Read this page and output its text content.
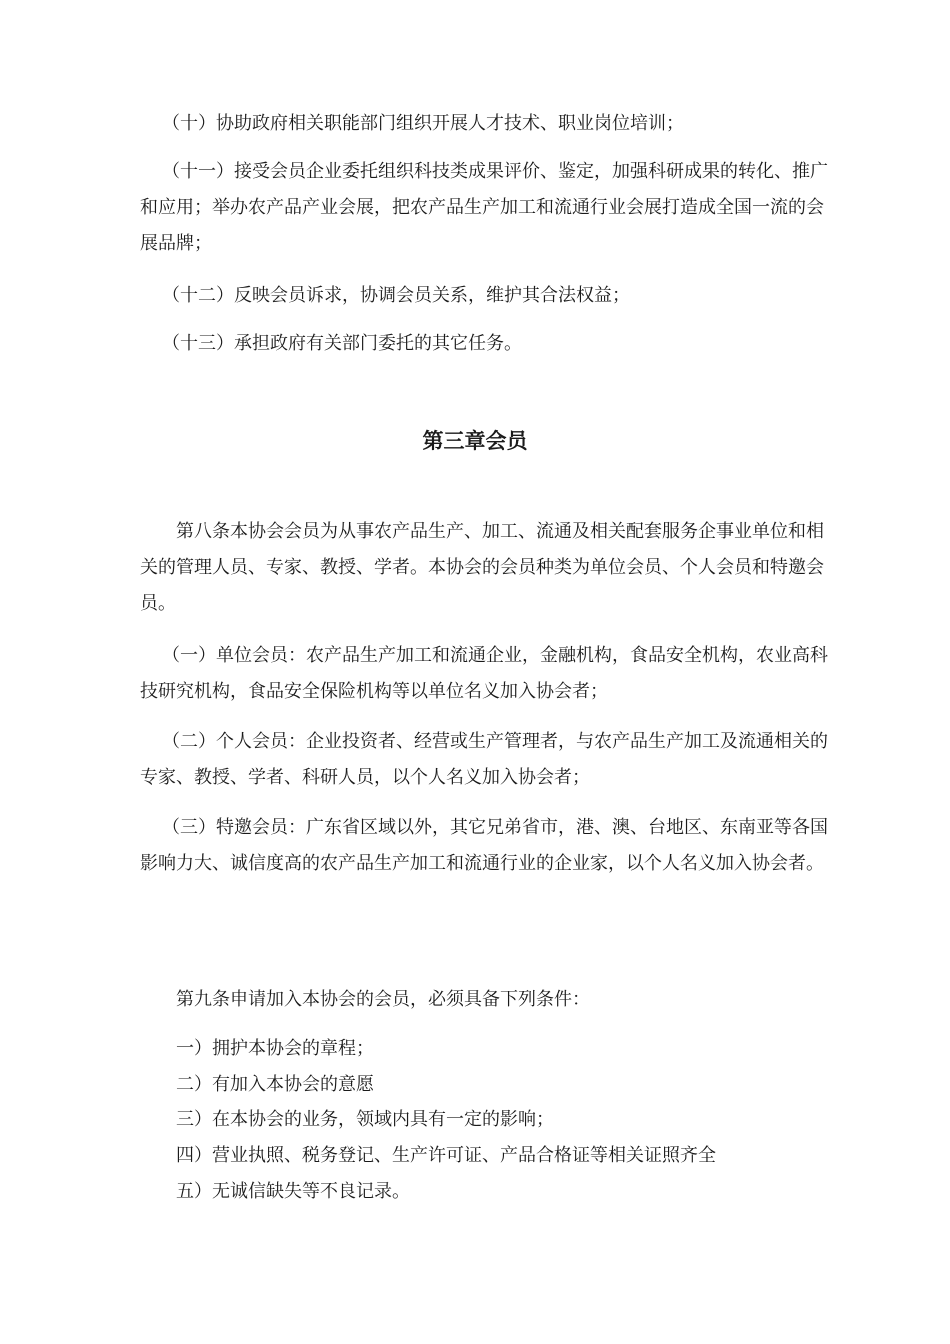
（十）协助政府相关职能部门组织开展人才技术、职业岗位培训；

（十一）接受会员企业委托组织科技类成果评价、鉴定，加强科研成果的转化、推广和应用；举办农产品产业会展，把农产品生产加工和流通行业会展打造成全国一流的会展品牌；

（十二）反映会员诉求，协调会员关系，维护其合法权益；

（十三）承担政府有关部门委托的其它任务。

第三章会员

第八条本协会会员为从事农产品生产、加工、流通及相关配套服务企事业单位和相关的管理人员、专家、教授、学者。本协会的会员种类为单位会员、个人会员和特邀会员。

（一）单位会员：农产品生产加工和流通企业，金融机构，食品安全机构，农业高科技研究机构，食品安全保险机构等以单位名义加入协会者；

（二）个人会员：企业投资者、经营或生产管理者，与农产品生产加工及流通相关的专家、教授、学者、科研人员，以个人名义加入协会者；

（三）特邀会员：广东省区域以外，其它兄弟省市，港、澳、台地区、东南亚等各国影响力大、诚信度高的农产品生产加工和流通行业的企业家，以个人名义加入协会者。

第九条申请加入本协会的会员，必须具备下列条件：

一）拥护本协会的章程；

二）有加入本协会的意愿

三）在本协会的业务，领域内具有一定的影响；

四）营业执照、税务登记、生产许可证、产品合格证等相关证照齐全

五）无诚信缺失等不良记录。
